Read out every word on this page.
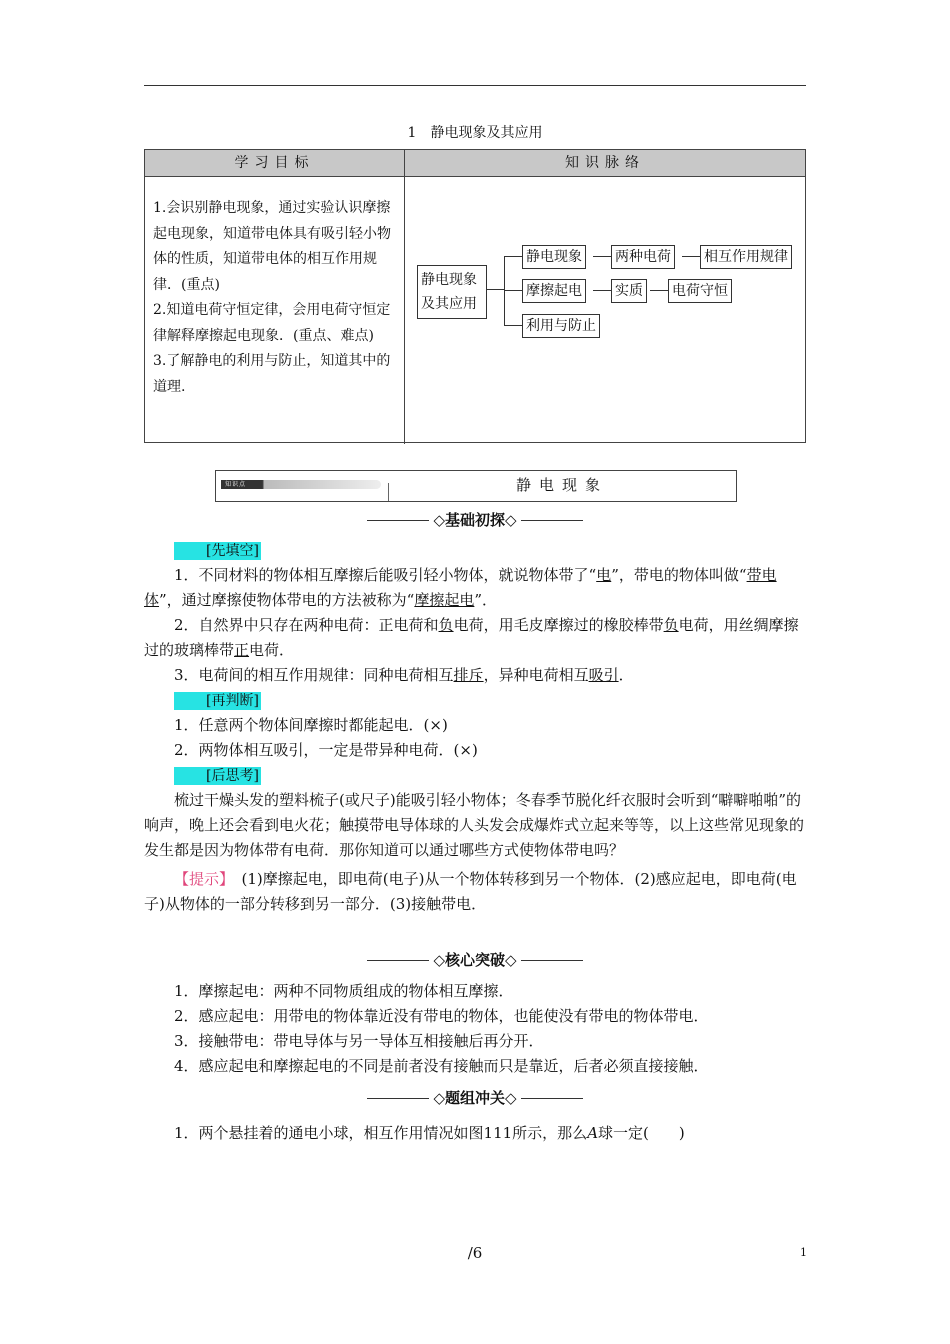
1　静电现象及其应用
学习目标	知识脉络

1.会识别静电现象，通过实验认识摩擦起电现象，知道带电体具有吸引轻小物体的性质，知道带电体的相互作用规律．(重点)

2.知道电荷守恒定律，会用电荷守恒定律解释摩擦起电现象．(重点、难点)

3.了解静电的利用与防止，知道其中的道理.

静电现象及其应用
静电现象 两种电荷 相互作用规律
摩擦起电 实质 电荷守恒
利用与防止
知识点	静电现象
◇基础初探◇

[先填空]

1．不同材料的物体相互摩擦后能吸引轻小物体，就说物体带了“电”，带电的物体叫做“带电体”，通过摩擦使物体带电的方法被称为“摩擦起电”．

2．自然界中只存在两种电荷：正电荷和负电荷，用毛皮摩擦过的橡胶棒带负电荷，用丝绸摩擦过的玻璃棒带正电荷．

3．电荷间的相互作用规律：同种电荷相互排斥，异种电荷相互吸引．

[再判断]

1．任意两个物体间摩擦时都能起电．(×)

2．两物体相互吸引，一定是带异种电荷．(×)

[后思考]

梳过干燥头发的塑料梳子(或尺子)能吸引轻小物体；冬春季节脱化纤衣服时会听到“噼噼啪啪”的响声，晚上还会看到电火花；触摸带电导体球的人头发会成爆炸式立起来等等，以上这些常见现象的发生都是因为物体带有电荷．那你知道可以通过哪些方式使物体带电吗？

【提示】 (1)摩擦起电，即电荷(电子)从一个物体转移到另一个物体．(2)感应起电，即电荷(电子)从物体的一部分转移到另一部分．(3)接触带电．

◇核心突破◇

1．摩擦起电：两种不同物质组成的物体相互摩擦．

2．感应起电：用带电的物体靠近没有带电的物体，也能使没有带电的物体带电．

3．接触带电：带电导体与另一导体互相接触后再分开．

4．感应起电和摩擦起电的不同是前者没有接触而只是靠近，后者必须直接接触．

◇题组冲关◇

1．两个悬挂着的通电小球，相互作用情况如图111所示，那么A球一定(　　)

/6	1
